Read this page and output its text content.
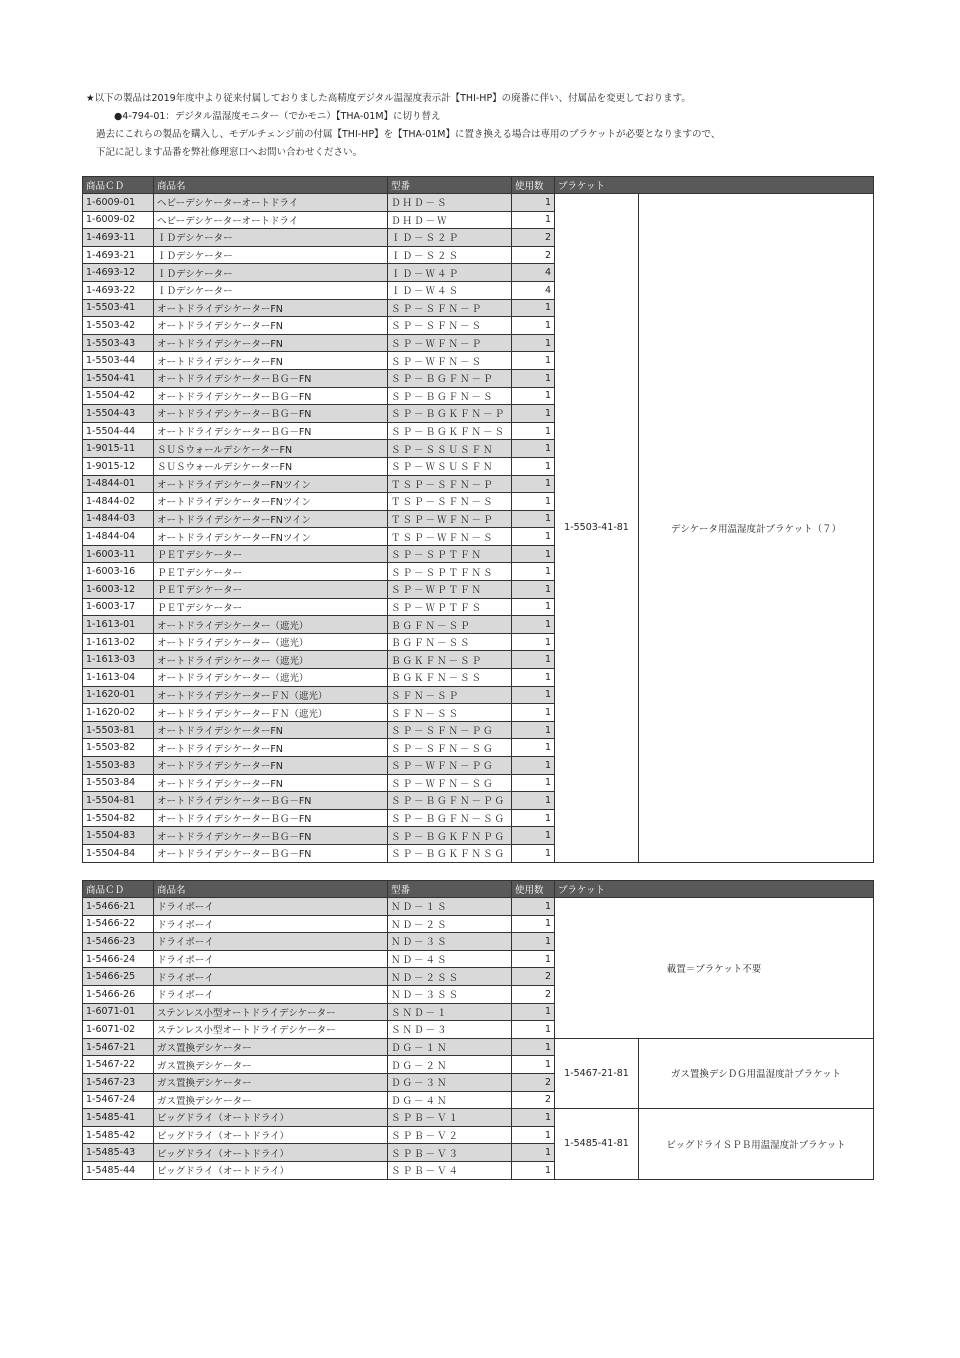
★以下の製品は2019年度中より従来付属しておりました高精度デジタル温湿度表示計【THI-HP】の廃番に伴い、付属品を変更しております。
●4-794-01：デジタル温湿度モニター（でかモニ）【THA-01M】に切り替え
過去にこれらの製品を購入し、モデルチェンジ前の付属【THI-HP】を【THA-01M】に置き換える場合は専用のブラケットが必要となりますので、
下記に記します品番を弊社修理窓口へお問い合わせください。
商品ＣＤ	商品名	型番	使用数	ブラケット	
1-6009-01	ヘビーデシケーターオートドライ	ＤＨＤ－Ｓ	1	1-5503-41-81	デシケータ用温湿度計ブラケット（７）
1-6009-02	ヘビーデシケーターオートドライ	ＤＨＤ－Ｗ	1		
1-4693-11	ＩＤデシケーター	ＩＤ－Ｓ２Ｐ	2		
1-4693-21	ＩＤデシケーター	ＩＤ－Ｓ２Ｓ	2		
1-4693-12	ＩＤデシケーター	ＩＤ－Ｗ４Ｐ	4		
1-4693-22	ＩＤデシケーター	ＩＤ－Ｗ４Ｓ	4		
1-5503-41	オートドライデシケーターFN	ＳＰ－ＳＦＮ－Ｐ	1		
1-5503-42	オートドライデシケーターFN	ＳＰ－ＳＦＮ－Ｓ	1		
1-5503-43	オートドライデシケーターFN	ＳＰ－ＷＦＮ－Ｐ	1		
1-5503-44	オートドライデシケーターFN	ＳＰ－ＷＦＮ－Ｓ	1		
1-5504-41	オートドライデシケーターＢＧ－FN	ＳＰ－ＢＧＦＮ－Ｐ	1		
1-5504-42	オートドライデシケーターＢＧ－FN	ＳＰ－ＢＧＦＮ－Ｓ	1		
1-5504-43	オートドライデシケーターＢＧ－FN	ＳＰ－ＢＧＫＦＮ－Ｐ	1		
1-5504-44	オートドライデシケーターＢＧ－FN	ＳＰ－ＢＧＫＦＮ－Ｓ	1		
1-9015-11	ＳＵＳウォールデシケーターFN	ＳＰ－ＳＳＵＳＦＮ	1		
1-9015-12	ＳＵＳウォールデシケーターFN	ＳＰ－ＷＳＵＳＦＮ	1		
1-4844-01	オートドライデシケーターFNツイン	ＴＳＰ－ＳＦＮ－Ｐ	1		
1-4844-02	オートドライデシケーターFNツイン	ＴＳＰ－ＳＦＮ－Ｓ	1		
1-4844-03	オートドライデシケーターFNツイン	ＴＳＰ－ＷＦＮ－Ｐ	1		
1-4844-04	オートドライデシケーターFNツイン	ＴＳＰ－ＷＦＮ－Ｓ	1		
1-6003-11	ＰＥＴデシケーター	ＳＰ－ＳＰＴＦＮ	1		
1-6003-16	ＰＥＴデシケーター	ＳＰ－ＳＰＴＦＮＳ	1		
1-6003-12	ＰＥＴデシケーター	ＳＰ－ＷＰＴＦＮ	1		
1-6003-17	ＰＥＴデシケーター	ＳＰ－ＷＰＴＦＳ	1		
1-1613-01	オートドライデシケーター（遮光）	ＢＧＦＮ－ＳＰ	1		
1-1613-02	オートドライデシケーター（遮光）	ＢＧＦＮ－ＳＳ	1		
1-1613-03	オートドライデシケーター（遮光）	ＢＧＫＦＮ－ＳＰ	1		
1-1613-04	オートドライデシケーター（遮光）	ＢＧＫＦＮ－ＳＳ	1		
1-1620-01	オートドライデシケーターＦＮ（遮光）	ＳＦＮ－ＳＰ	1		
1-1620-02	オートドライデシケーターＦＮ（遮光）	ＳＦＮ－ＳＳ	1		
1-5503-81	オートドライデシケーターFN	ＳＰ－ＳＦＮ－ＰＧ	1		
1-5503-82	オートドライデシケーターFN	ＳＰ－ＳＦＮ－ＳＧ	1		
1-5503-83	オートドライデシケーターFN	ＳＰ－ＷＦＮ－ＰＧ	1		
1-5503-84	オートドライデシケーターFN	ＳＰ－ＷＦＮ－ＳＧ	1		
1-5504-81	オートドライデシケーターＢＧ－FN	ＳＰ－ＢＧＦＮ－ＰＧ	1		
1-5504-82	オートドライデシケーターＢＧ－FN	ＳＰ－ＢＧＦＮ－ＳＧ	1		
1-5504-83	オートドライデシケーターＢＧ－FN	ＳＰ－ＢＧＫＦＮＰＧ	1		
1-5504-84	オートドライデシケーターＢＧ－FN	ＳＰ－ＢＧＫＦＮＳＧ	1		
商品ＣＤ	商品名	型番	使用数	ブラケット	
1-5466-21	ドライボーイ	ＮＤ－１Ｓ	1	載置＝ブラケット不要	
1-5466-22	ドライボーイ	ＮＤ－２Ｓ	1		
1-5466-23	ドライボーイ	ＮＤ－３Ｓ	1		
1-5466-24	ドライボーイ	ＮＤ－４Ｓ	1		
1-5466-25	ドライボーイ	ＮＤ－２ＳＳ	2		
1-5466-26	ドライボーイ	ＮＤ－３ＳＳ	2		
1-6071-01	ステンレス小型オートドライデシケーター	ＳＮＤ－１	1		
1-6071-02	ステンレス小型オートドライデシケーター	ＳＮＤ－３	1		
1-5467-21	ガス置換デシケーター	ＤＧ－１Ｎ	1	1-5467-21-81	ガス置換デシＤＧ用温湿度計ブラケット
1-5467-22	ガス置換デシケーター	ＤＧ－２Ｎ	1		
1-5467-23	ガス置換デシケーター	ＤＧ－３Ｎ	2		
1-5467-24	ガス置換デシケーター	ＤＧ－４Ｎ	2		
1-5485-41	ビッグドライ（オートドライ）	ＳＰＢ－Ｖ１	1	1-5485-41-81	ビッグドライＳＰＢ用温湿度計ブラケット
1-5485-42	ビッグドライ（オートドライ）	ＳＰＢ－Ｖ２	1		
1-5485-43	ビッグドライ（オートドライ）	ＳＰＢ－Ｖ３	1		
1-5485-44	ビッグドライ（オートドライ）	ＳＰＢ－Ｖ４	1		
